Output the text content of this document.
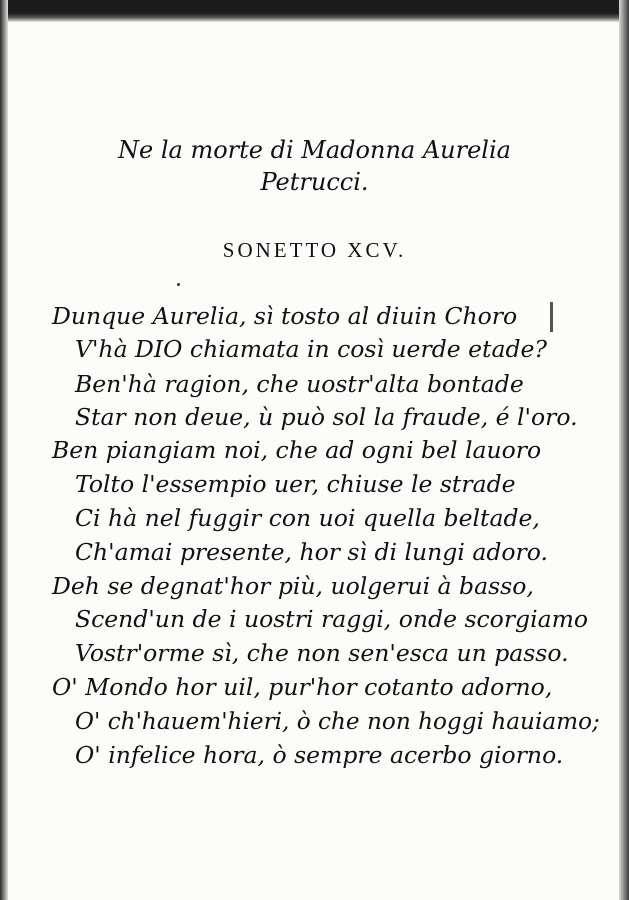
Ne la morte di Madonna Aurelia
Petrucci.
SONETTO XCV.
Dunque Aurelia, sì tosto al diuin Choro
V'hà DIO chiamata in così uerde etade?
Ben'hà ragion, che uostr'alta bontade
Star non deue, ù può sol la fraude, é l'oro.
Ben piangiam noi, che ad ogni bel lauoro
Tolto l'essempio uer, chiuse le strade
Ci hà nel fuggir con uoi quella beltade,
Ch'amai presente, hor sì di lungi adoro.
Deh se degnat'hor più, uolgerui à basso,
Scend'un de i uostri raggi, onde scorgiamo
Vostr'orme sì, che non sen'esca un passo.
O' Mondo hor uil, pur'hor cotanto adorno,
O' ch'hauem'hieri, ò che non hoggi hauiamo;
O' infelice hora, ò sempre acerbo giorno.
